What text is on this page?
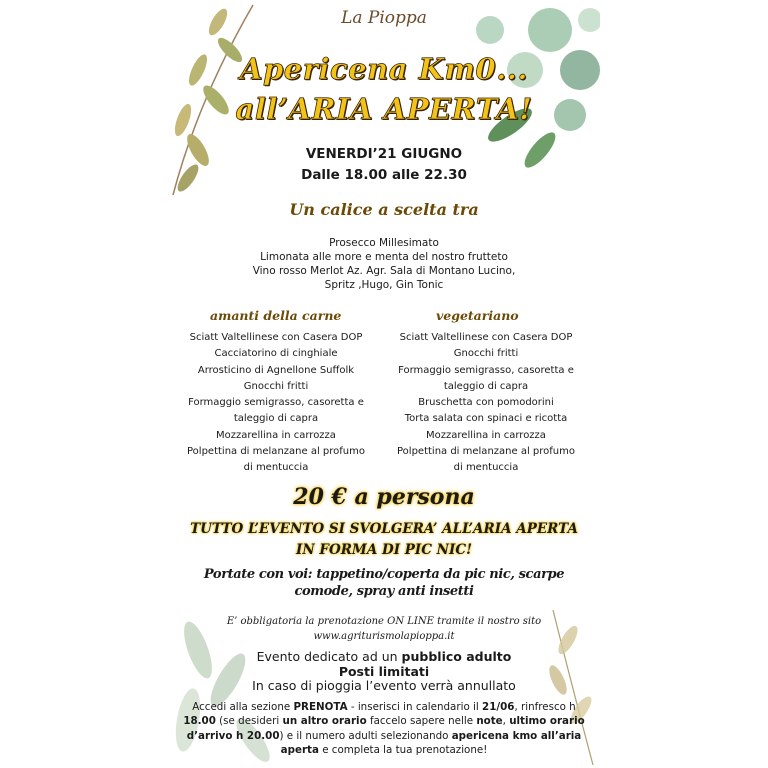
La Pioppa
Apericena Km0...
all’ARIA APERTA!
VENERDI’21 GIUGNO
Dalle 18.00 alle 22.30
Un calice a scelta tra
Prosecco Millesimato
Limonata alle more e menta del nostro frutteto
Vino rosso Merlot Az. Agr. Sala di Montano Lucino,
Spritz ,Hugo, Gin Tonic
amanti della carne	vegetariano
Sciatt Valtellinese con Casera DOP
Cacciatorino di cinghiale
Arrosticino di Agnellone Suffolk
Gnocchi fritti
Formaggio semigrasso, casoretta e
taleggio di capra
Mozzarellina in carrozza
Polpettina di melanzane al profumo
di mentuccia
Sciatt Valtellinese con Casera DOP
Gnocchi fritti
Formaggio semigrasso, casoretta e
taleggio di capra
Bruschetta con pomodorini
Torta salata con spinaci e ricotta
Mozzarellina in carrozza
Polpettina di melanzane al profumo
di mentuccia
20 € a persona
TUTTO L’EVENTO SI SVOLGERA’ ALL’ARIA APERTA
IN FORMA DI PIC NIC!
Portate con voi: tappetino/coperta da pic nic, scarpe
comode, spray anti insetti
E’ obbligatoria la prenotazione ON LINE tramite il nostro sito
www.agriturismolapioppa.it
Evento dedicato ad un pubblico adulto
Posti limitati
In caso di pioggia l’evento verrà annullato
Accedi alla sezione PRENOTA - inserisci in calendario il 21/06, rinfresco h 18.00 (se desideri un altro orario faccelo sapere nelle note, ultimo orario d’arrivo h 20.00) e il numero adulti selezionando apericena kmo all’aria aperta e completa la tua prenotazione!
